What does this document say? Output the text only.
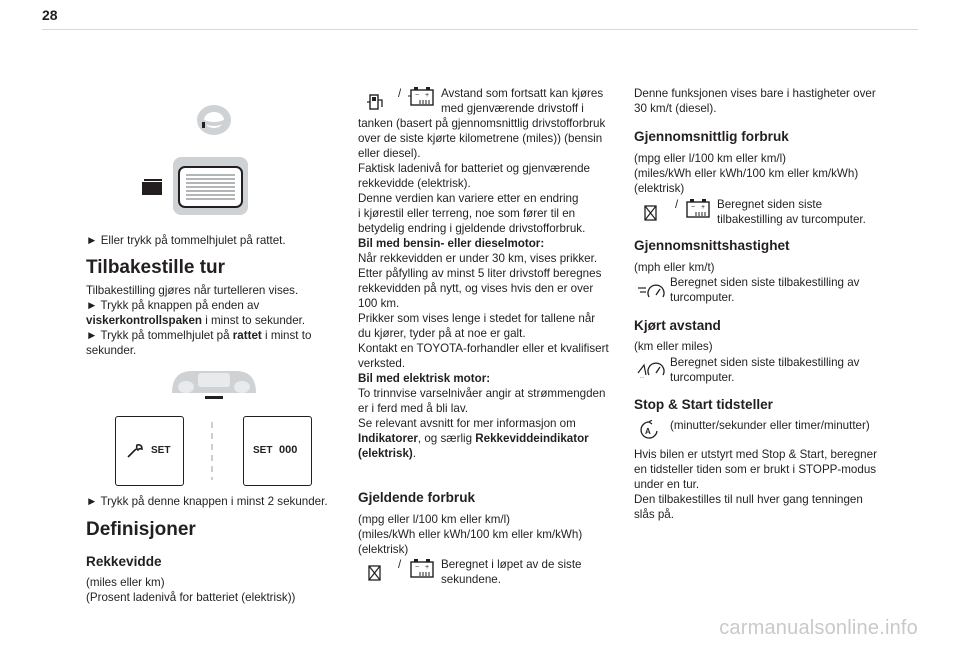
28
► Eller trykk på tommelhjulet på rattet.
Tilbakestille tur

Tilbakestilling gjøres når turtelleren vises.

► Trykk på knappen på enden av

viskerkontrollspaken i minst to sekunder.

► Trykk på tommelhjulet på rattet i minst to

sekunder.

SET	SET 000
► Trykk på denne knappen i minst 2 sekunder.
Definisjoner
Rekkevidde

(miles eller km)

(Prosent ladenivå for batteriet (elektrisk))

/ − + Avstand som fortsatt kan kjøres

med gjenværende drivstoff i

tanken (basert på gjennomsnittlig drivstofforbruk

over de siste kjørte kilometrene (miles)) (bensin

eller diesel).

Faktisk ladenivå for batteriet og gjenværende

rekkevidde (elektrisk).

Denne verdien kan variere etter en endring

i kjørestil eller terreng, noe som fører til en

betydelig endring i gjeldende drivstofforbruk.

Bil med bensin- eller dieselmotor:

Når rekkevidden er under 30 km, vises prikker.

Etter påfylling av minst 5 liter drivstoff beregnes

rekkevidden på nytt, og vises hvis den er over

100 km.

Prikker som vises lenge i stedet for tallene når

du kjører, tyder på at noe er galt.

Kontakt en TOYOTA-forhandler eller et kvalifisert

verksted.

Bil med elektrisk motor:

To trinnvise varselnivåer angir at strømmengden

er i ferd med å bli lav.

Se relevant avsnitt for mer informasjon om

Indikatorer, og særlig Rekkeviddeindikator

(elektrisk).

Gjeldende forbruk

(mpg eller l/100 km eller km/l)

(miles/kWh eller kWh/100 km eller km/kWh)

(elektrisk)

/ − + Beregnet i løpet av de siste

sekundene.

Denne funksjonen vises bare i hastigheter over

30 km/t (diesel).

Gjennomsnittlig forbruk

(mpg eller l/100 km eller km/l)

(miles/kWh eller kWh/100 km eller km/kWh)

(elektrisk)

/ − + Beregnet siden siste

tilbakestilling av turcomputer.

Gjennomsnittshastighet
(mph eller km/t)

Beregnet siden siste tilbakestilling av

turcomputer.

Kjørt avstand
(km eller miles)
...

Beregnet siden siste tilbakestilling av

turcomputer.

Stop & Start tidsteller
A (minutter/sekunder eller timer/minutter)

Hvis bilen er utstyrt med Stop & Start, beregner

en tidsteller tiden som er brukt i STOPP-modus

under en tur.

Den tilbakestilles til null hver gang tenningen

slås på.

carmanualsonline.info
